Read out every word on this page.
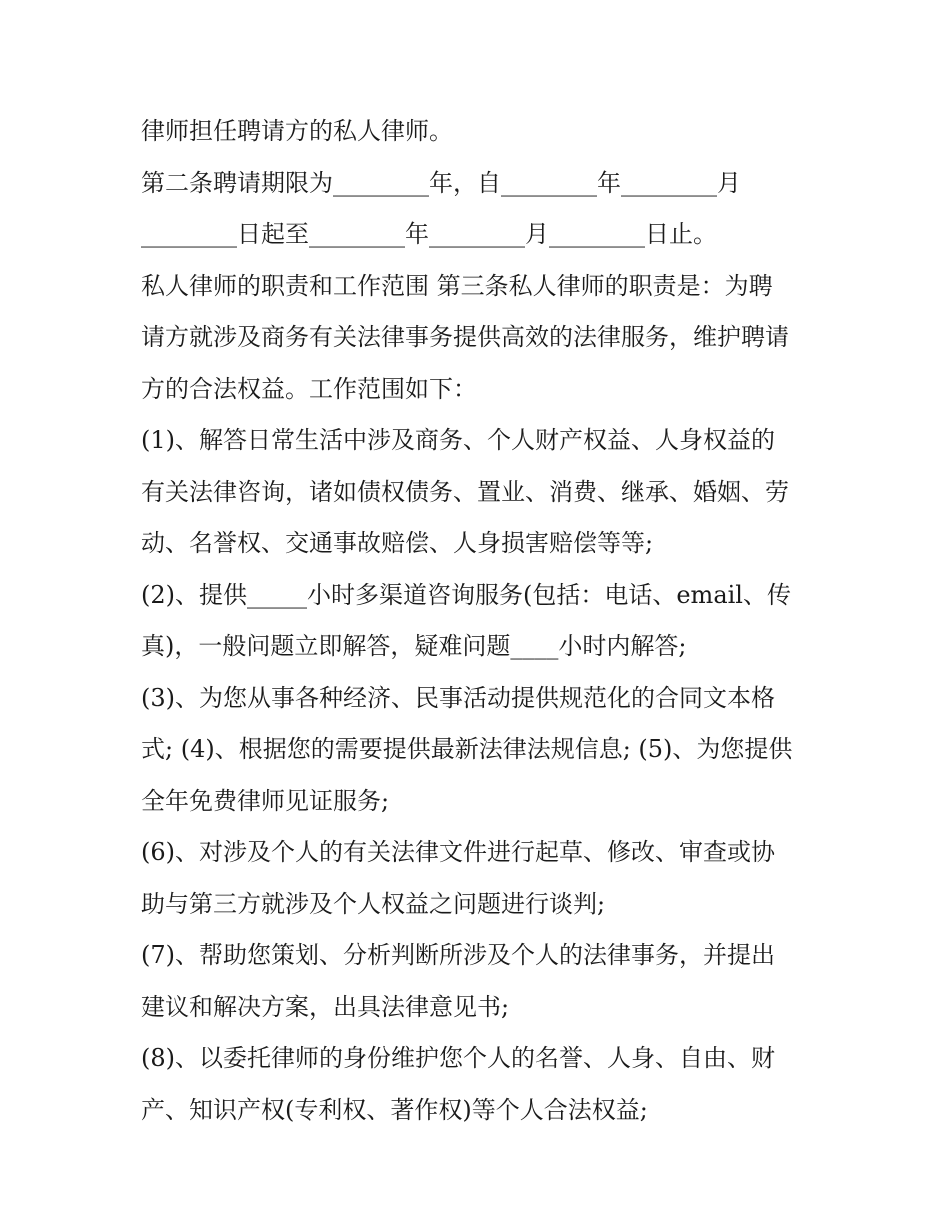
律师担任聘请方的私人律师。
第二条聘请期限为________年，自________年________月
________日起至________年________月________日止。
私人律师的职责和工作范围 第三条私人律师的职责是：为聘
请方就涉及商务有关法律事务提供高效的法律服务，维护聘请
方的合法权益。工作范围如下：
(1)、解答日常生活中涉及商务、个人财产权益、人身权益的
有关法律咨询，诸如债权债务、置业、消费、继承、婚姻、劳
动、名誉权、交通事故赔偿、人身损害赔偿等等;
(2)、提供_____小时多渠道咨询服务(包括：电话、email、传
真)，一般问题立即解答，疑难问题____小时内解答;
(3)、为您从事各种经济、民事活动提供规范化的合同文本格
式; (4)、根据您的需要提供最新法律法规信息; (5)、为您提供
全年免费律师见证服务;
(6)、对涉及个人的有关法律文件进行起草、修改、审查或协
助与第三方就涉及个人权益之问题进行谈判;
(7)、帮助您策划、分析判断所涉及个人的法律事务，并提出
建议和解决方案，出具法律意见书;
(8)、以委托律师的身份维护您个人的名誉、人身、自由、财
产、知识产权(专利权、著作权)等个人合法权益;
